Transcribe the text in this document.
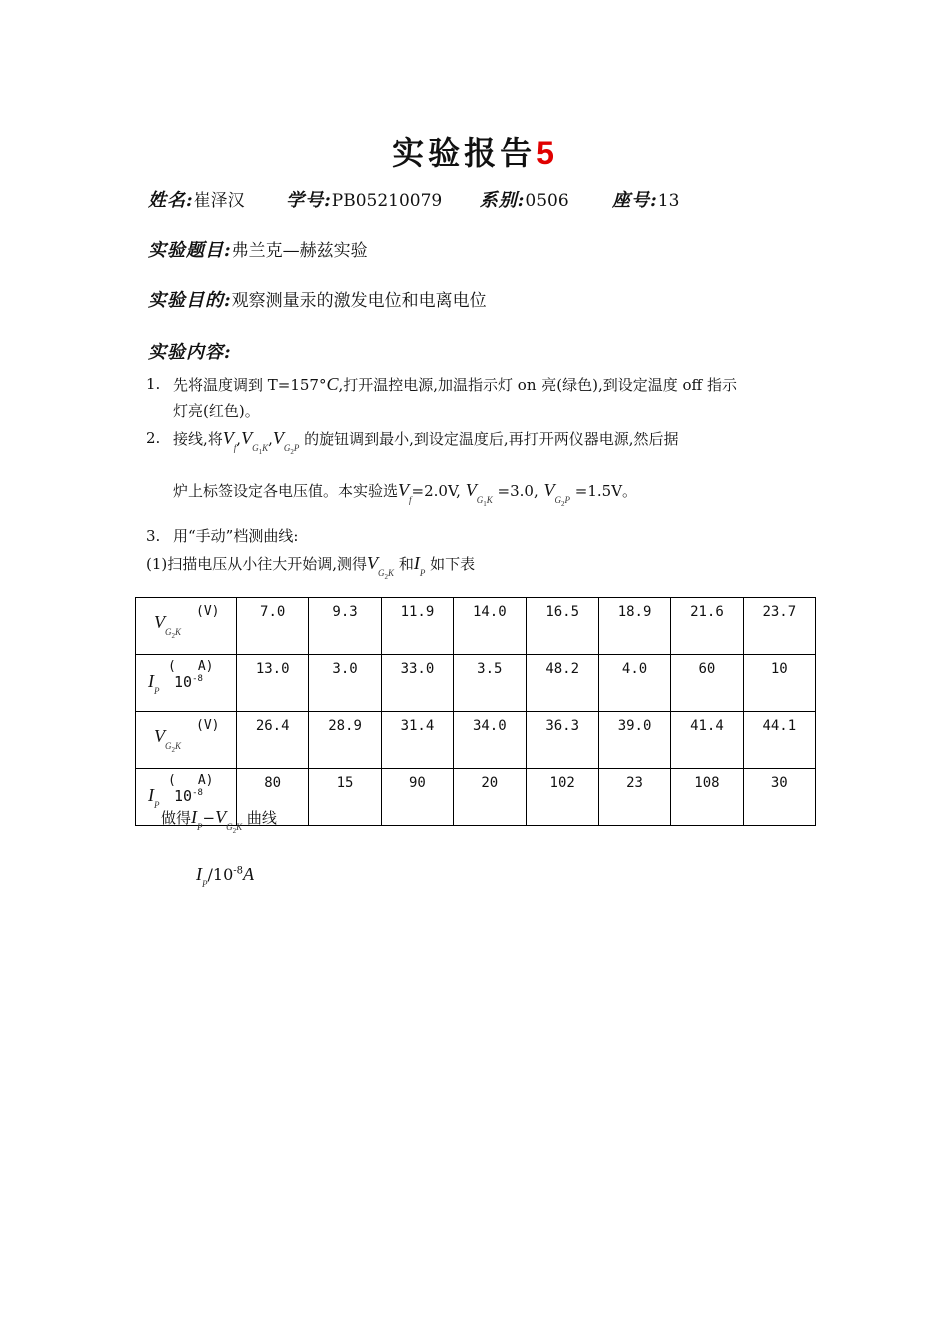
实验报告5
姓名:崔泽汉 学号:PB05210079 系别:0506 座号:13
实验题目:弗兰克—赫兹实验
实验目的:观察测量汞的激发电位和电离电位
实验内容:
1. 先将温度调到 T=157°C,打开温控电源,加温指示灯 on 亮(绿色),到设定温度 off 指示
灯亮(红色)。
2. 接线,将$V_f,V_{G_1K},V_{G_2P}$ 的旋钮调到最小,到设定温度后,再打开两仪器电源,然后据
炉上标签设定各电压值。本实验选$V_f=2.0V$, $V_{G_1K} =3.0$, $V_{G_2P} =1.5V$。
3. 用“手动”档测曲线:
(1)扫描电压从小往大开始调,测得$V_{G_2K}$ 和$I_P$ 如下表
$V_{G_2K}$
(V)	7.0	9.3	11.9	14.0	16.5	18.9	21.6	23.7

$I_P$
( A)
$10^{-8}$	13.0	3.0	33.0	3.5	48.2	4.0	60	10

$V_{G_2K}$
(V)	26.4	28.9	31.4	34.0	36.3	39.0	41.4	44.1

$I_P$
( A)
$10^{-8}$	80	15	90	20	102	23	108	30
做得$I_P-V_{G_2K}$ 曲线
$I_P/10^{-8}A$
